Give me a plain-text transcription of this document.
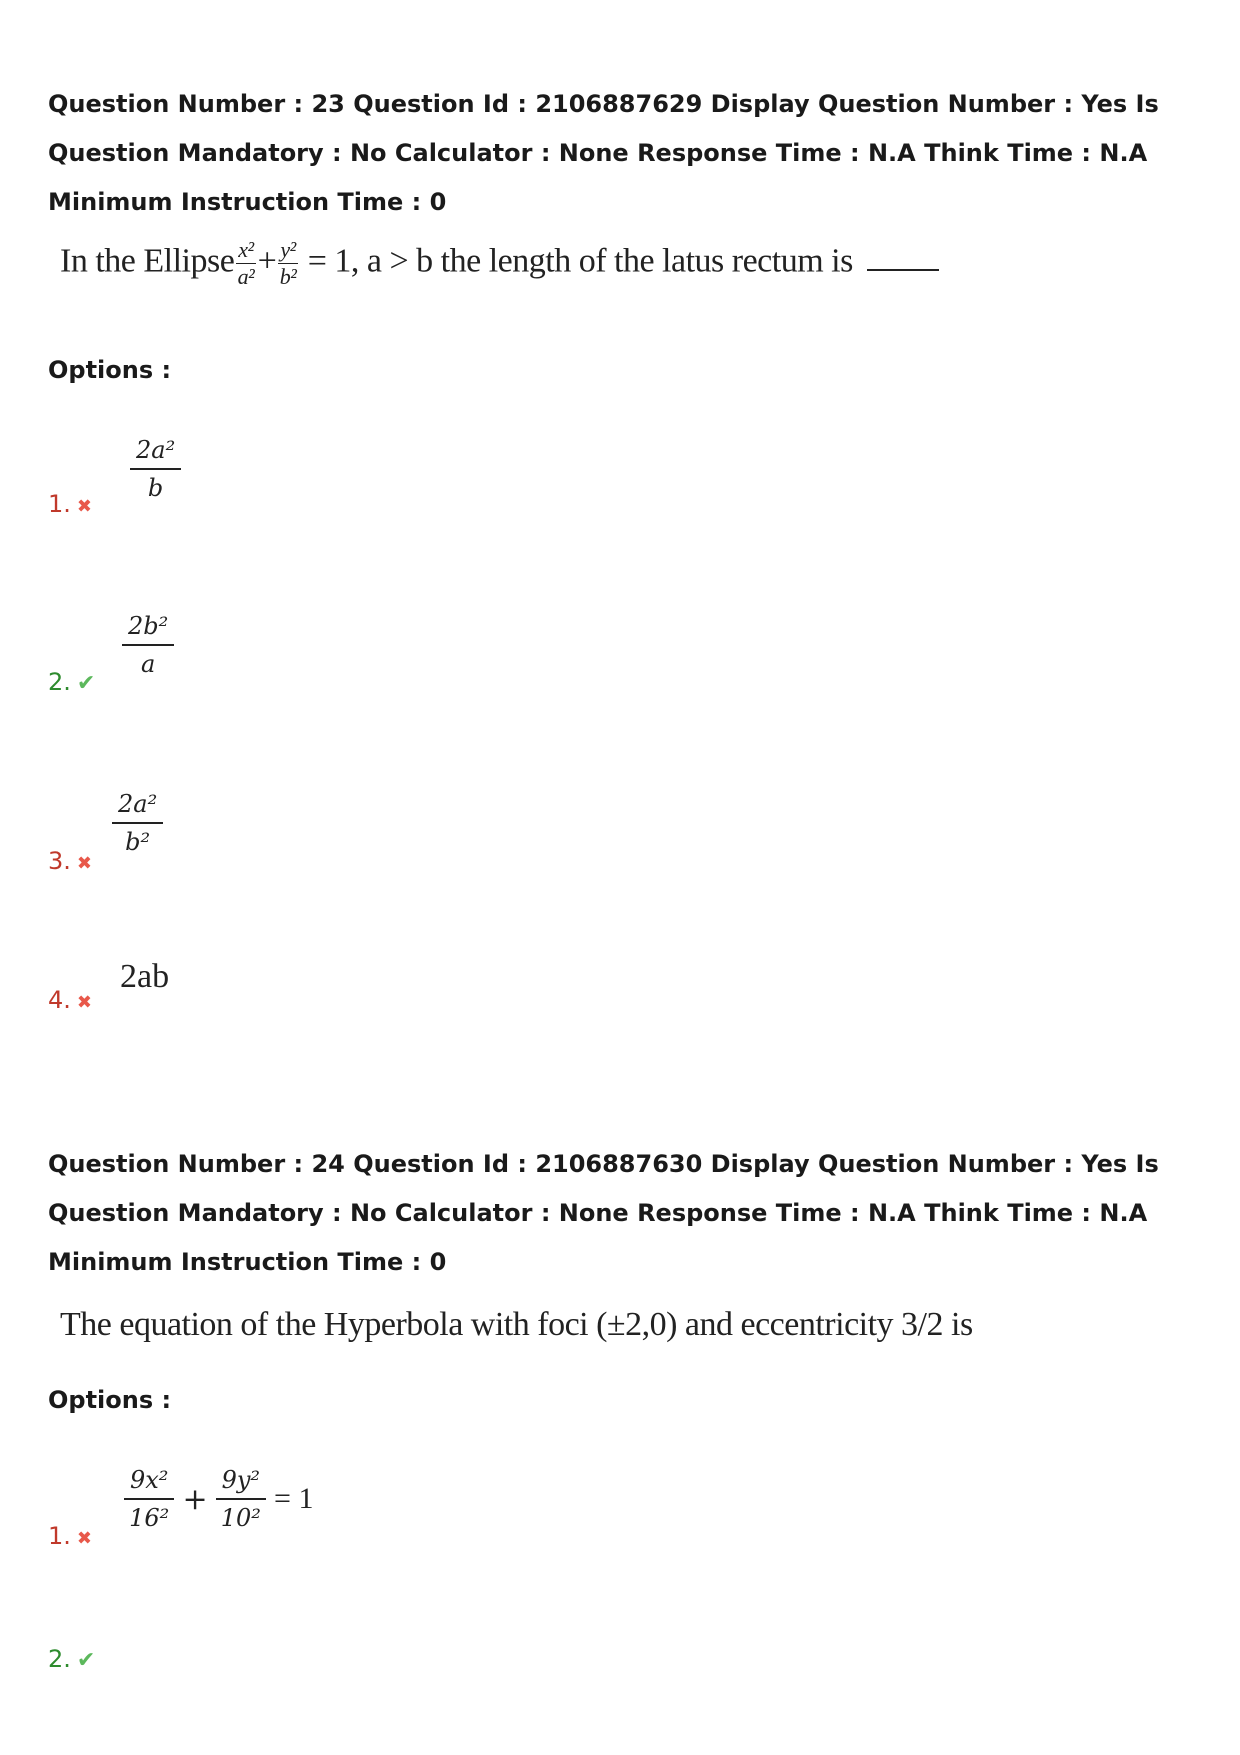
Question Number : 23 Question Id : 2106887629 Display Question Number : Yes Is Question Mandatory : No Calculator : None Response Time : N.A Think Time : N.A Minimum Instruction Time : 0
In the Ellipse $\frac{\text{x²}}{\text{a²}} + \frac{\text{y²}}{\text{b²}} = 1$, a > b the length of the latus rectum is
Options :
1. ✖
$\frac{\text{2a²}}{b}$
2. ✔
$\frac{\text{2b²}}{a}$
3. ✖
$\frac{\text{2a²}}{\text{b²}}$
4. ✖
2ab
Question Number : 24 Question Id : 2106887630 Display Question Number : Yes Is Question Mandatory : No Calculator : None Response Time : N.A Think Time : N.A Minimum Instruction Time : 0
The equation of the Hyperbola with foci (±2,0) and eccentricity 3/2 is
Options :
1. ✖
$\frac{\text{9x²}}{\text{16²}} + \frac{\text{9y²}}{\text{10²}} = 1$
2. ✔
